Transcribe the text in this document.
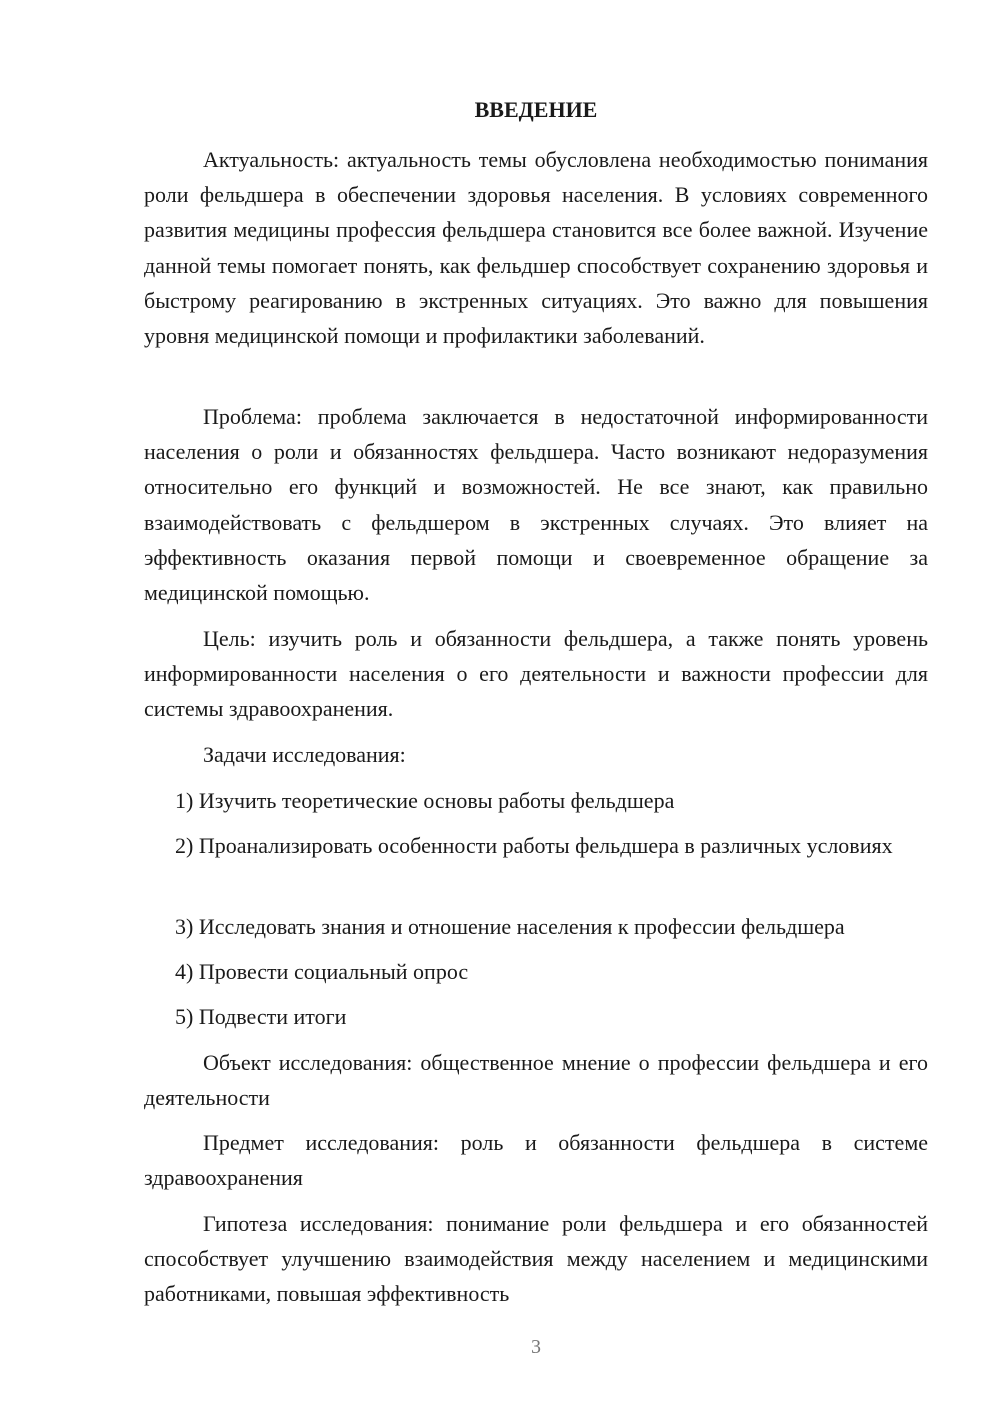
ВВЕДЕНИЕ

Актуальность: актуальность темы обусловлена необходимостью понимания роли фельдшера в обеспечении здоровья населения. В условиях современного развития медицины профессия фельдшера становится все более важной. Изучение данной темы помогает понять, как фельдшер способствует сохранению здоровья и быстрому реагированию в экстренных ситуациях. Это важно для повышения уровня медицинской помощи и профилактики заболеваний.

Проблема: проблема заключается в недостаточной информированности населения о роли и обязанностях фельдшера. Часто возникают недоразумения относительно его функций и возможностей. Не все знают, как правильно взаимодействовать с фельдшером в экстренных случаях. Это влияет на эффективность оказания первой помощи и своевременное обращение за медицинской помощью.

Цель: изучить роль и обязанности фельдшера, а также понять уровень информированности населения о его деятельности и важности профессии для системы здравоохранения.

Задачи исследования:

1) Изучить теоретические основы работы фельдшера

2) Проанализировать особенности работы фельдшера в различных условиях

3) Исследовать знания и отношение населения к профессии фельдшера

4) Провести социальный опрос

5) Подвести итоги

Объект исследования: общественное мнение о профессии фельдшера и его деятельности

Предмет исследования: роль и обязанности фельдшера в системе здравоохранения

Гипотеза исследования: понимание роли фельдшера и его обязанностей способствует улучшению взаимодействия между населением и медицинскими работниками, повышая эффективность

3
